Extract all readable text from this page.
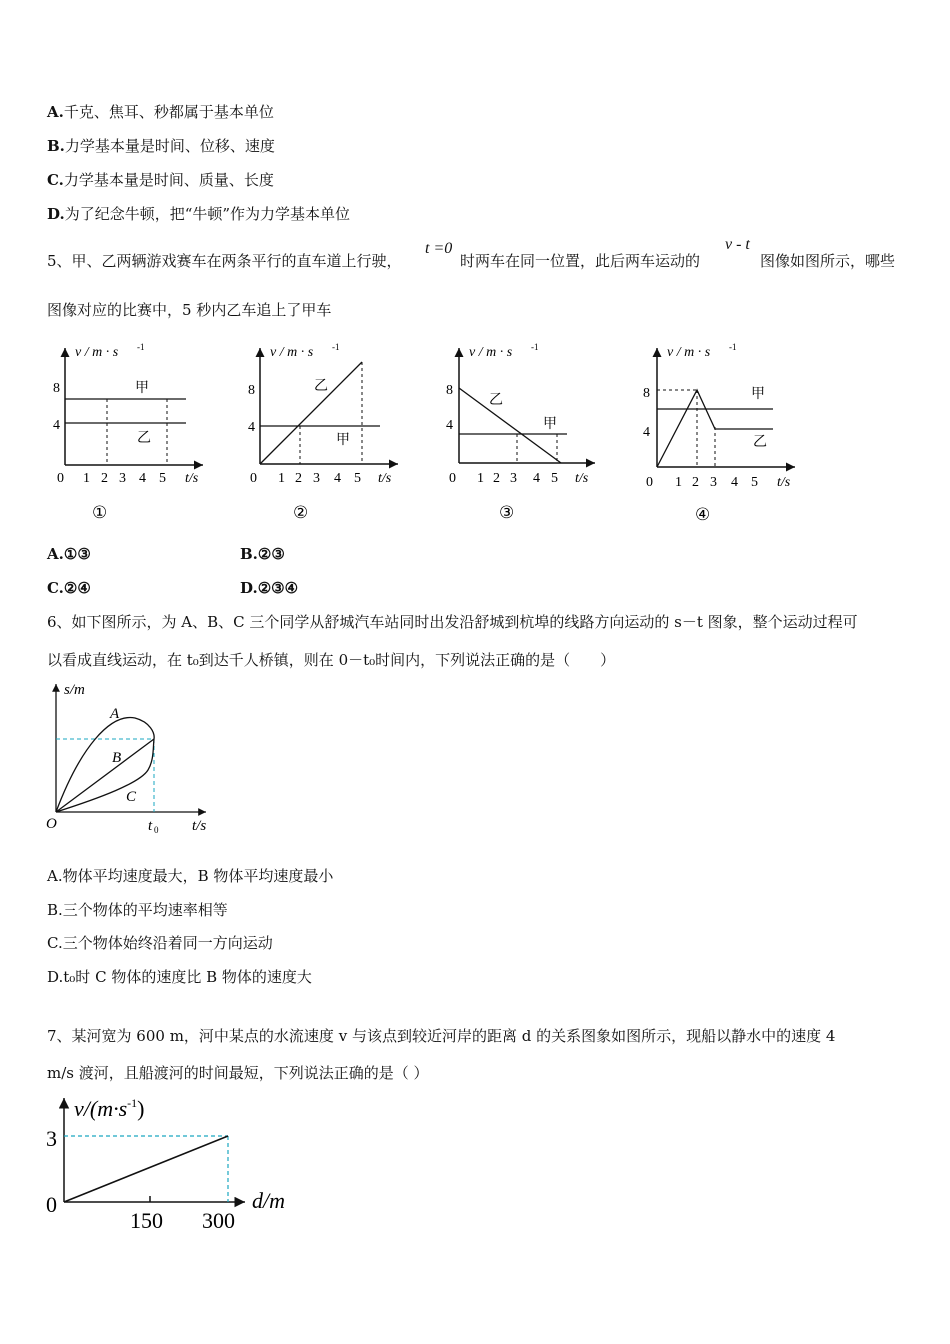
A.千克、焦耳、秒都属于基本单位
B.力学基本量是时间、位移、速度
C.力学基本量是时间、质量、长度
D.为了纪念牛顿，把“牛顿”作为力学基本单位
5、甲、乙两辆游戏赛车在两条平行的直车道上行驶，
t =0
时两车在同一位置，此后两车运动的
v - t
图像如图所示，哪些
图像对应的比赛中，5 秒内乙车追上了甲车
v / m · s -1
8
4
甲
乙
0 1 2 3 4 5 t/s
①
v / m · s -1
8
4
乙
甲
0 1 2 3 4 5 t/s
②
v / m · s -1
8
4
乙
甲
0 1 2 3 4 5 t/s
③
v / m · s -1
8
4
甲
乙
0 1 2 3 4 5 t/s
④
A.①③	B.②③
C.②④	D.②③④
6、如下图所示，为 A、B、C 三个同学从舒城汽车站同时出发沿舒城到杭埠的线路方向运动的 s－t 图象，整个运动过程可
以看成直线运动，在 t₀到达千人桥镇，则在 0－t₀时间内，下列说法正确的是（　　）
s/m
t/s
O
A
B
C
t 0
A.物体平均速度最大，B 物体平均速度最小
B.三个物体的平均速率相等
C.三个物体始终沿着同一方向运动
D.t₀时 C 物体的速度比 B 物体的速度大
7、某河宽为 600 m，河中某点的水流速度 v 与该点到较近河岸的距离 d 的关系图象如图所示，现船以静水中的速度 4
m/s 渡河，且船渡河的时间最短，下列说法正确的是（ ）
$v/(m\cdot s^{-1})$
3
0
150 300
d/m
